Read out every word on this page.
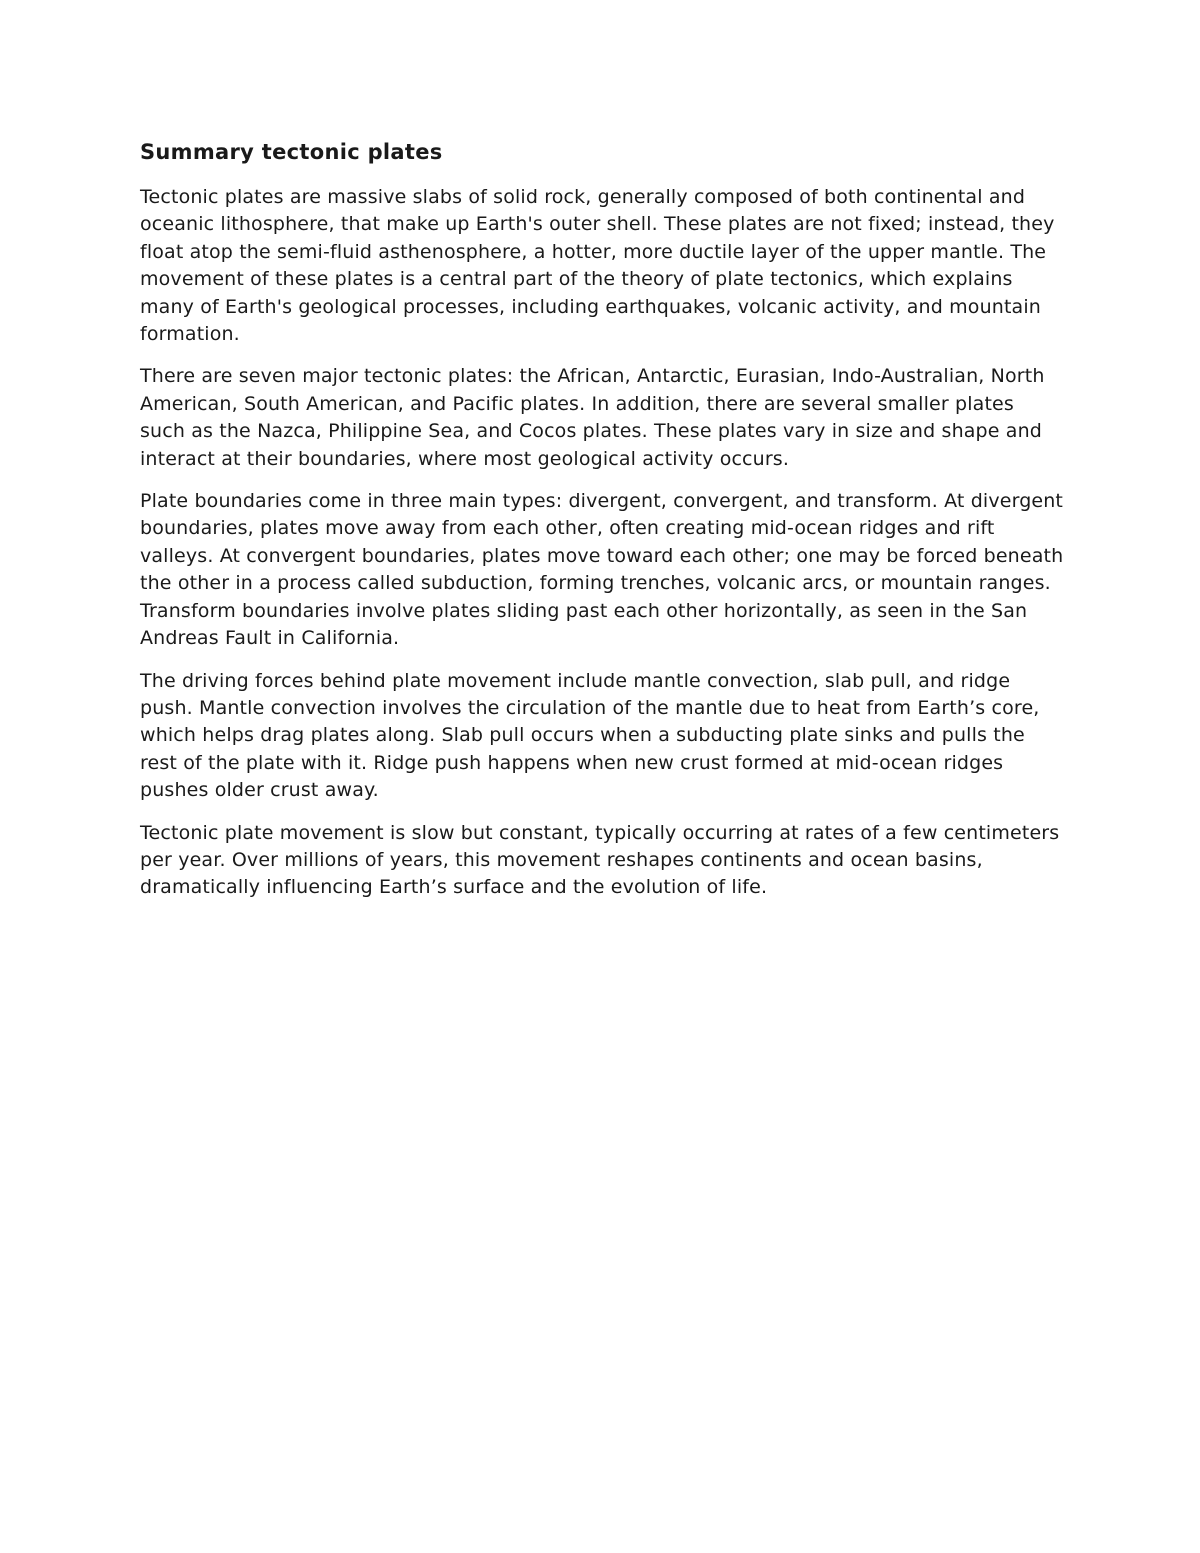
Summary tectonic plates

Tectonic plates are massive slabs of solid rock, generally composed of both continental and oceanic lithosphere, that make up Earth's outer shell. These plates are not fixed; instead, they float atop the semi-fluid asthenosphere, a hotter, more ductile layer of the upper mantle. The movement of these plates is a central part of the theory of plate tectonics, which explains many of Earth's geological processes, including earthquakes, volcanic activity, and mountain formation.

There are seven major tectonic plates: the African, Antarctic, Eurasian, Indo-Australian, North American, South American, and Pacific plates. In addition, there are several smaller plates such as the Nazca, Philippine Sea, and Cocos plates. These plates vary in size and shape and interact at their boundaries, where most geological activity occurs.

Plate boundaries come in three main types: divergent, convergent, and transform. At divergent boundaries, plates move away from each other, often creating mid-ocean ridges and rift valleys. At convergent boundaries, plates move toward each other; one may be forced beneath the other in a process called subduction, forming trenches, volcanic arcs, or mountain ranges. Transform boundaries involve plates sliding past each other horizontally, as seen in the San Andreas Fault in California.

The driving forces behind plate movement include mantle convection, slab pull, and ridge push. Mantle convection involves the circulation of the mantle due to heat from Earth’s core, which helps drag plates along. Slab pull occurs when a subducting plate sinks and pulls the rest of the plate with it. Ridge push happens when new crust formed at mid-ocean ridges pushes older crust away.

Tectonic plate movement is slow but constant, typically occurring at rates of a few centimeters per year. Over millions of years, this movement reshapes continents and ocean basins, dramatically influencing Earth’s surface and the evolution of life.
